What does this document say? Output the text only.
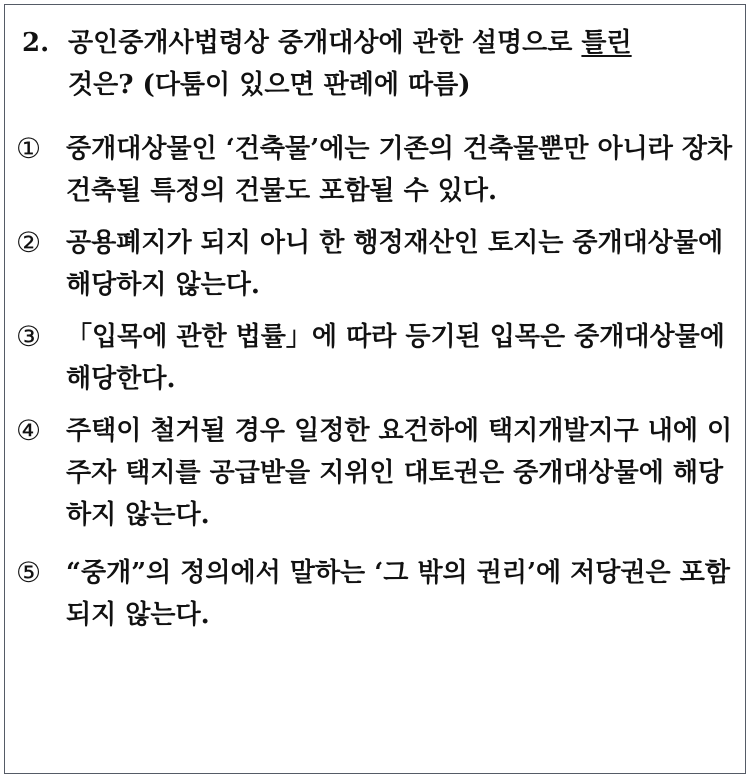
2. 공인중개사법령상 중개대상에 관한 설명으로 틀린
것은? (다툼이 있으면 판례에 따름)
① 중개대상물인 ‘건축물’에는 기존의 건축물뿐만 아니라 장차 건축될 특정의 건물도 포함될 수 있다.
② 공용폐지가 되지 아니 한 행정재산인 토지는 중개대상물에 해당하지 않는다.
③ 「입목에 관한 법률」에 따라 등기된 입목은 중개대상물에 해당한다.
④ 주택이 철거될 경우 일정한 요건하에 택지개발지구 내에 이주자 택지를 공급받을 지위인 대토권은 중개대상물에 해당하지 않는다.
⑤ “중개”의 정의에서 말하는 ‘그 밖의 권리’에 저당권은 포함되지 않는다.
